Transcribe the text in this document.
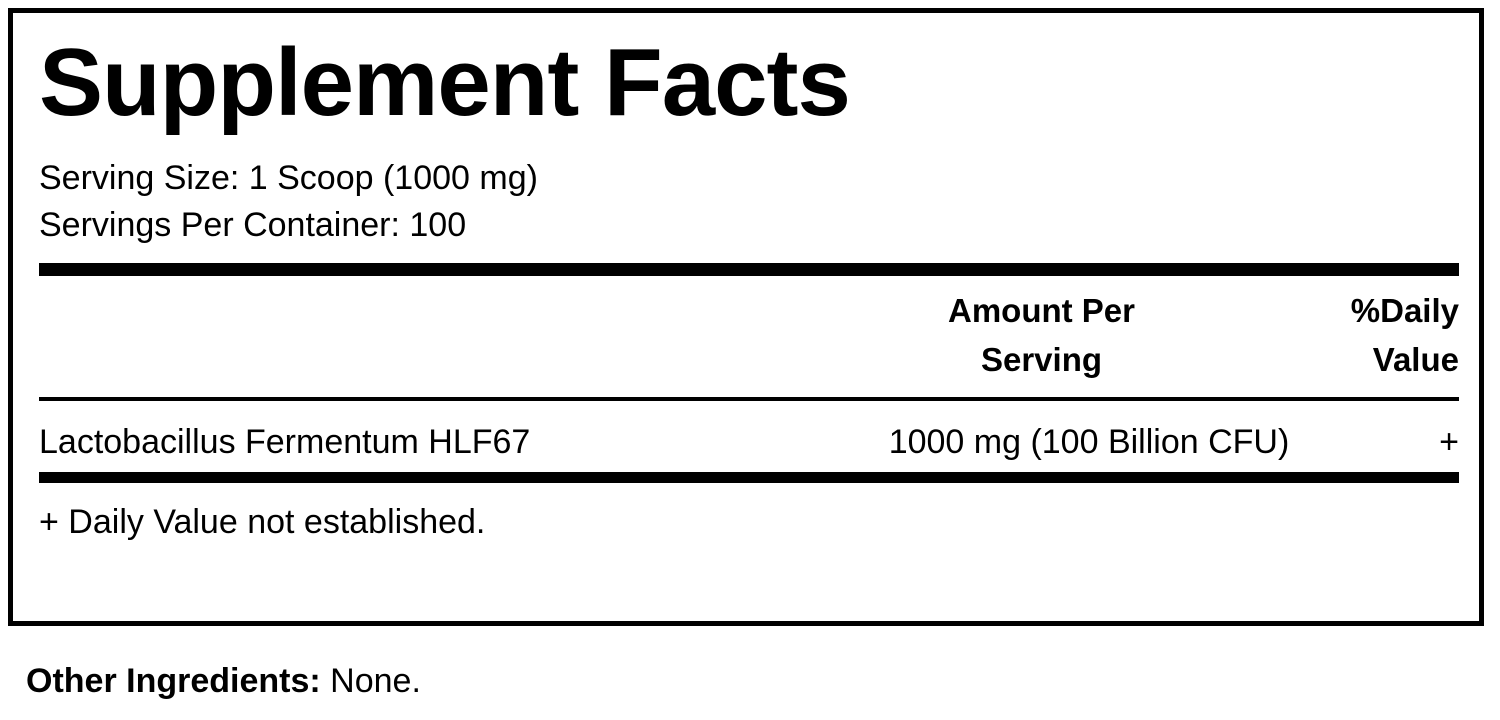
Supplement Facts
Serving Size: 1 Scoop (1000 mg)
Servings Per Container: 100
Amount Per
Serving
%Daily
Value
Lactobacillus Fermentum HLF67	1000 mg (100 Billion CFU)	+
+ Daily Value not established.
Other Ingredients: None.
